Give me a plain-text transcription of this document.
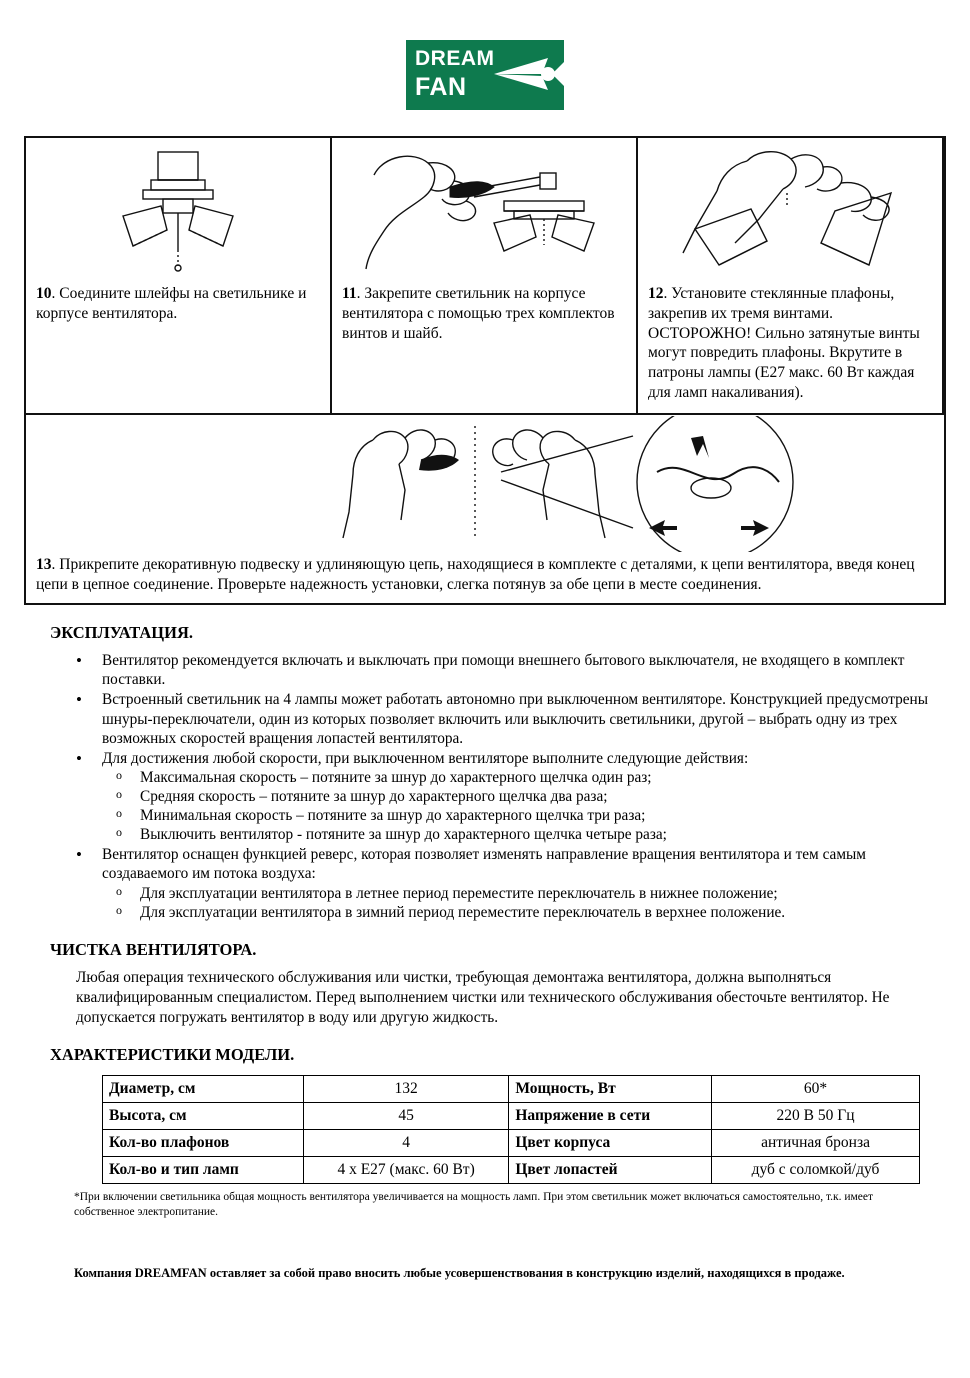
DREAM
FAN
10. Соедините шлейфы на светильнике и корпусе вентилятора.
11. Закрепите светильник на корпусе вентилятора с помощью трех комплектов винтов и шайб.
12. Установите стеклянные плафоны, закрепив их тремя винтами. ОСТОРОЖНО! Сильно затянутые винты могут повредить плафоны. Вкрутите в патроны лампы (Е27 макс. 60 Вт каждая для ламп накаливания).
13. Прикрепите декоративную подвеску и удлиняющую цепь, находящиеся в комплекте с деталями, к цепи вентилятора, введя конец цепи в цепное соединение. Проверьте надежность установки, слегка потянув за обе цепи в месте соединения.
ЭКСПЛУАТАЦИЯ.
• Вентилятор рекомендуется включать и выключать при помощи внешнего бытового выключателя, не входящего в комплект поставки.
• Встроенный светильник на 4 лампы может работать автономно при выключенном вентиляторе. Конструкцией предусмотрены шнуры-переключатели, один из которых позволяет включить или выключить светильники, другой – выбрать одну из трех возможных скоростей вращения лопастей вентилятора.
• Для достижения любой скорости, при выключенном вентиляторе выполните следующие действия:
o Максимальная скорость – потяните за шнур до характерного щелчка один раз;
o Средняя скорость – потяните за шнур до характерного щелчка два раза;
o Минимальная скорость – потяните за шнур до характерного щелчка три раза;
o Выключить вентилятор - потяните за шнур до характерного щелчка четыре раза;
• Вентилятор оснащен функцией реверс, которая позволяет изменять направление вращения вентилятора и тем самым создаваемого им потока воздуха:
o Для эксплуатации вентилятора в летнее период переместите переключатель в нижнее положение;
o Для эксплуатации вентилятора в зимний период переместите переключатель в верхнее положение.
ЧИСТКА ВЕНТИЛЯТОРА.

Любая операция технического обслуживания или чистки, требующая демонтажа вентилятора, должна выполняться квалифицированным специалистом. Перед выполнением чистки или технического обслуживания обесточьте вентилятор. Не допускается погружать вентилятор в воду или другую жидкость.

ХАРАКТЕРИСТИКИ МОДЕЛИ.
Диаметр, см	132	Мощность, Вт	60*
Высота, см	45	Напряжение в сети	220 В 50 Гц
Кол-во плафонов	4	Цвет корпуса	античная бронза
Кол-во и тип ламп	4 х Е27 (макс. 60 Вт)	Цвет лопастей	дуб с соломкой/дуб
*При включении светильника общая мощность вентилятора увеличивается на мощность ламп. При этом светильник может включаться самостоятельно, т.к. имеет собственное электропитание.
Компания DREAMFAN оставляет за собой право вносить любые усовершенствования в конструкцию изделий, находящихся в продаже.
